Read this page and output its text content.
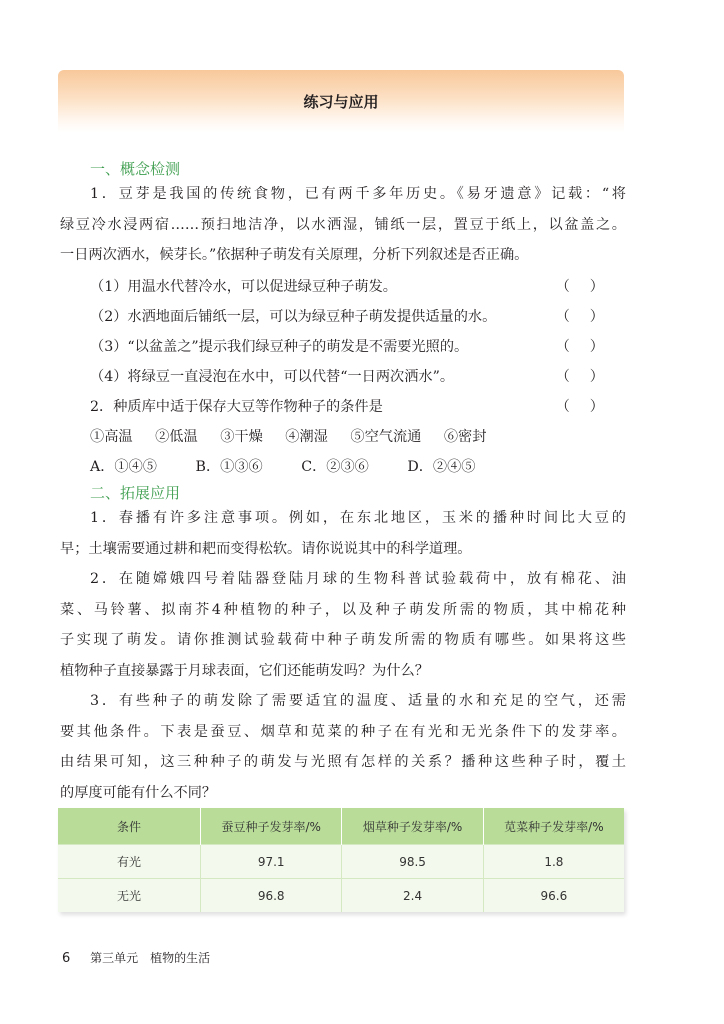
练习与应用
一、概念检测
1．豆芽是我国的传统食物，已有两千多年历史。《易牙遗意》记载：“将
绿豆冷水浸两宿……预扫地洁净，以水洒湿，铺纸一层，置豆于纸上，以盆盖之。
一日两次洒水，候芽长。”依据种子萌发有关原理，分析下列叙述是否正确。
（1）用温水代替冷水，可以促进绿豆种子萌发。	（）
（2）水洒地面后铺纸一层，可以为绿豆种子萌发提供适量的水。	（）
（3）“以盆盖之”提示我们绿豆种子的萌发是不需要光照的。	（）
（4）将绿豆一直浸泡在水中，可以代替“一日两次洒水”。	（）
2．种质库中适于保存大豆等作物种子的条件是	（）
①高温 ②低温 ③干燥 ④潮湿 ⑤空气流通 ⑥密封
A．①④⑤	B．①③⑥	C．②③⑥	D．②④⑤
二、拓展应用
1．春播有许多注意事项。例如，在东北地区，玉米的播种时间比大豆的
早；土壤需要通过耕和耙而变得松软。请你说说其中的科学道理。
2．在随嫦娥四号着陆器登陆月球的生物科普试验载荷中，放有棉花、油
菜、马铃薯、拟南芥4种植物的种子，以及种子萌发所需的物质，其中棉花种
子实现了萌发。请你推测试验载荷中种子萌发所需的物质有哪些。如果将这些
植物种子直接暴露于月球表面，它们还能萌发吗？为什么？
3．有些种子的萌发除了需要适宜的温度、适量的水和充足的空气，还需
要其他条件。下表是蚕豆、烟草和苋菜的种子在有光和无光条件下的发芽率。
由结果可知，这三种种子的萌发与光照有怎样的关系？播种这些种子时，覆土
的厚度可能有什么不同？
条件	蚕豆种子发芽率/%	烟草种子发芽率/%	苋菜种子发芽率/%
有光	97.1	98.5	1.8
无光	96.8	2.4	96.6
6 第三单元　植物的生活
